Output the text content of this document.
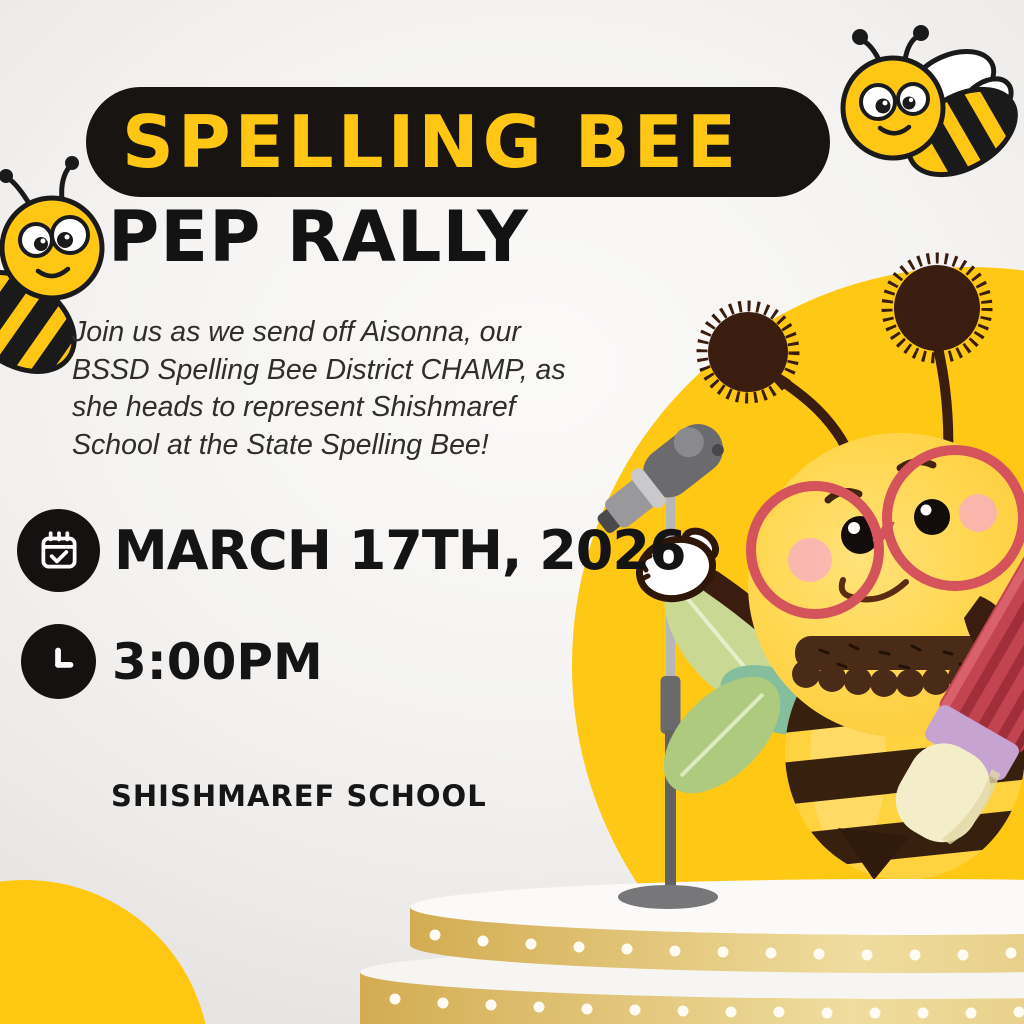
SPELLING BEE
PEP RALLY
Join us as we send off Aisonna, our
BSSD Spelling Bee District CHAMP, as
she heads to represent Shishmaref
School at the State Spelling Bee!
MARCH 17TH, 2026
3:00PM
SHISHMAREF SCHOOL
